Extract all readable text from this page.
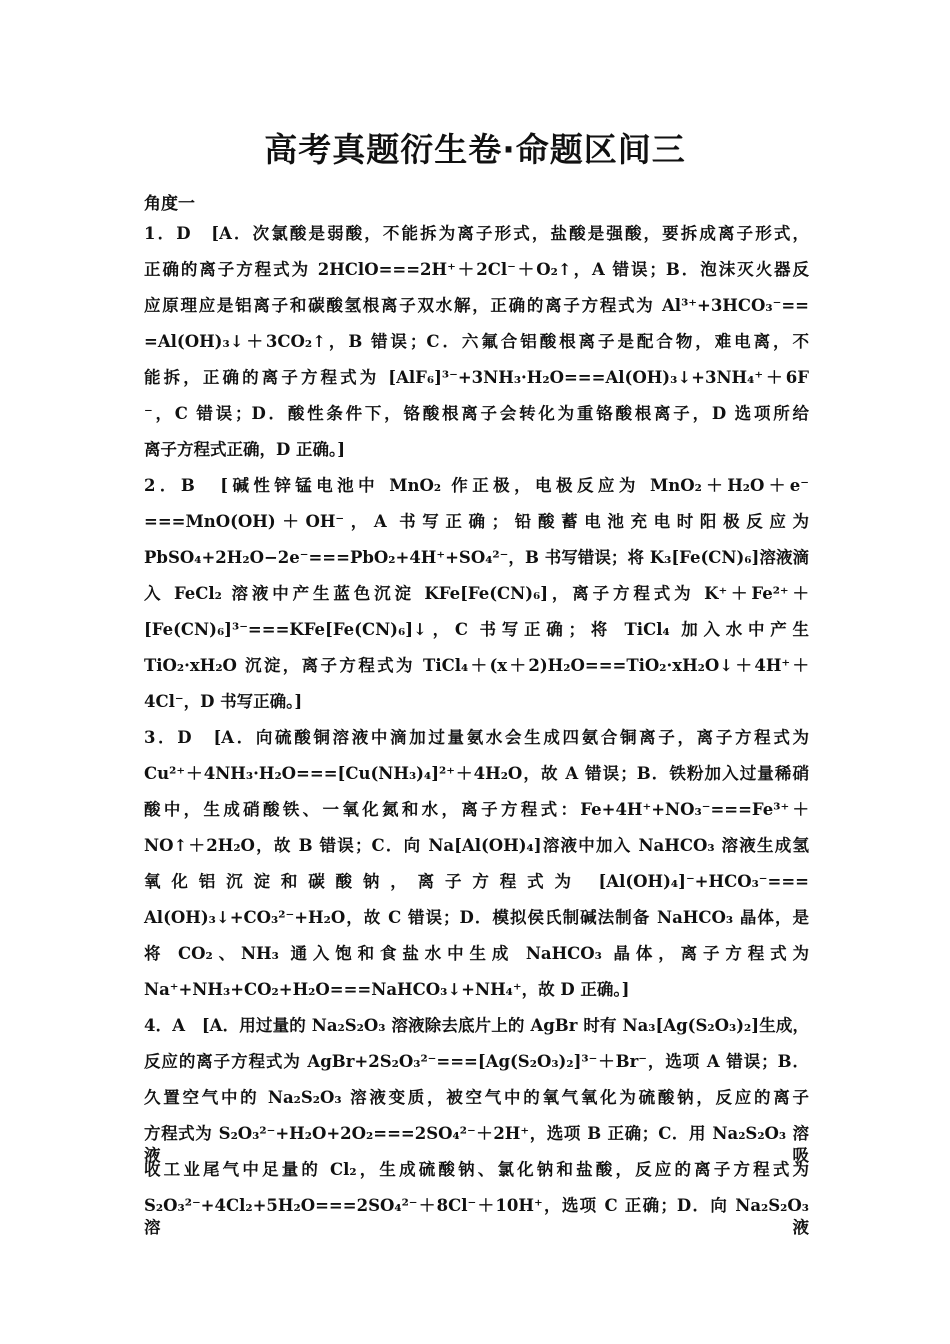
高考真题衍生卷·命题区间三
角度一
1．D　[A．次氯酸是弱酸，不能拆为离子形式，盐酸是强酸，要拆成离子形式，
正确的离子方程式为 2HClO===2H⁺＋2Cl⁻＋O₂↑，A 错误；B．泡沫灭火器反
应原理应是铝离子和碳酸氢根离子双水解，正确的离子方程式为 Al³⁺+3HCO₃⁻==
=Al(OH)₃↓＋3CO₂↑，B 错误；C．六氟合铝酸根离子是配合物，难电离，不
能拆，正确的离子方程式为 [AlF₆]³⁻+3NH₃·H₂O===Al(OH)₃↓+3NH₄⁺＋6F
⁻，C 错误；D．酸性条件下，铬酸根离子会转化为重铬酸根离子，D 选项所给
离子方程式正确，D 正确。]
2．B　[碱性锌锰电池中 MnO₂ 作正极，电极反应为 MnO₂＋H₂O＋e⁻
===MnO(OH)＋OH⁻，A 书写正确；铅酸蓄电池充电时阳极反应为
PbSO₄+2H₂O−2e⁻===PbO₂+4H⁺+SO₄²⁻，B 书写错误；将 K₃[Fe(CN)₆]溶液滴
入 FeCl₂ 溶液中产生蓝色沉淀 KFe[Fe(CN)₆]，离子方程式为 K⁺＋Fe²⁺＋
[Fe(CN)₆]³⁻===KFe[Fe(CN)₆]↓，C 书写正确；将 TiCl₄ 加入水中产生
TiO₂·xH₂O 沉淀，离子方程式为 TiCl₄＋(x＋2)H₂O===TiO₂·xH₂O↓＋4H⁺＋
4Cl⁻，D 书写正确。]
3．D　[A．向硫酸铜溶液中滴加过量氨水会生成四氨合铜离子，离子方程式为
Cu²⁺＋4NH₃·H₂O===[Cu(NH₃)₄]²⁺＋4H₂O，故 A 错误；B．铁粉加入过量稀硝
酸中，生成硝酸铁、一氧化氮和水，离子方程式：Fe+4H⁺+NO₃⁻===Fe³⁺＋
NO↑＋2H₂O，故 B 错误；C．向 Na[Al(OH)₄]溶液中加入 NaHCO₃ 溶液生成氢
氧化铝沉淀和碳酸钠，离子方程式为 [Al(OH)₄]⁻+HCO₃⁻===
Al(OH)₃↓+CO₃²⁻+H₂O，故 C 错误；D．模拟侯氏制碱法制备 NaHCO₃ 晶体，是
将 CO₂、NH₃ 通入饱和食盐水中生成 NaHCO₃ 晶体，离子方程式为
Na⁺+NH₃+CO₂+H₂O===NaHCO₃↓+NH₄⁺，故 D 正确。]
4．A　[A．用过量的 Na₂S₂O₃ 溶液除去底片上的 AgBr 时有 Na₃[Ag(S₂O₃)₂]生成，
反应的离子方程式为 AgBr+2S₂O₃²⁻===[Ag(S₂O₃)₂]³⁻＋Br⁻，选项 A 错误；B．
久置空气中的 Na₂S₂O₃ 溶液变质，被空气中的氧气氧化为硫酸钠，反应的离子
方程式为 S₂O₃²⁻+H₂O+2O₂===2SO₄²⁻＋2H⁺，选项 B 正确；C．用 Na₂S₂O₃ 溶液吸
收工业尾气中足量的 Cl₂，生成硫酸钠、氯化钠和盐酸，反应的离子方程式为
S₂O₃²⁻+4Cl₂+5H₂O===2SO₄²⁻＋8Cl⁻＋10H⁺，选项 C 正确；D．向 Na₂S₂O₃ 溶液
